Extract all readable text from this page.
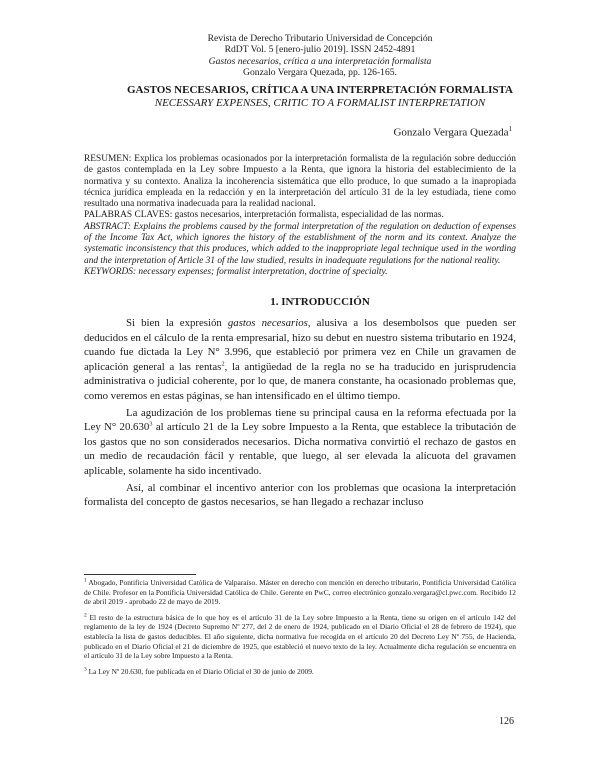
Revista de Derecho Tributario Universidad de Concepción
RdDT Vol. 5 [enero-julio 2019]. ISSN 2452-4891
Gastos necesarios, crítica a una interpretación formalista
Gonzalo Vergara Quezada, pp. 126-165.
GASTOS NECESARIOS, CRÍTICA A UNA INTERPRETACIÓN FORMALISTA
NECESSARY EXPENSES, CRITIC TO A FORMALIST INTERPRETATION
Gonzalo Vergara Quezada$^1$

RESUMEN: Explica los problemas ocasionados por la interpretación formalista de la regulación sobre deducción de gastos contemplada en la Ley sobre Impuesto a la Renta, que ignora la historia del establecimiento de la normativa y su contexto. Analiza la incoherencia sistemática que ello produce, lo que sumado a la inapropiada técnica jurídica empleada en la redacción y en la interpretación del artículo 31 de la ley estudiada, tiene como resultado una normativa inadecuada para la realidad nacional.

PALABRAS CLAVES: gastos necesarios, interpretación formalista, especialidad de las normas.

ABSTRACT: Explains the problems caused by the formal interpretation of the regulation on deduction of expenses of the Income Tax Act, which ignores the history of the establishment of the norm and its context. Analyze the systematic inconsistency that this produces, which added to the inappropriate legal technique used in the wording and the interpretation of Article 31 of the law studied, results in inadequate regulations for the national reality.

KEYWORDS: necessary expenses; formalist interpretation, doctrine of specialty.

1. INTRODUCCIÓN

Si bien la expresión gastos necesarios, alusiva a los desembolsos que pueden ser deducidos en el cálculo de la renta empresarial, hizo su debut en nuestro sistema tributario en 1924, cuando fue dictada la Ley N° 3.996, que estableció por primera vez en Chile un gravamen de aplicación general a las rentas$^2$, la antigüedad de la regla no se ha traducido en jurisprudencia administrativa o judicial coherente, por lo que, de manera constante, ha ocasionado problemas que, como veremos en estas páginas, se han intensificado en el último tiempo.

La agudización de los problemas tiene su principal causa en la reforma efectuada por la Ley N° 20.630$^3$ al artículo 21 de la Ley sobre Impuesto a la Renta, que establece la tributación de los gastos que no son considerados necesarios. Dicha normativa convirtió el rechazo de gastos en un medio de recaudación fácil y rentable, que luego, al ser elevada la alícuota del gravamen aplicable, solamente ha sido incentivado.

Así, al combinar el incentivo anterior con los problemas que ocasiona la interpretación formalista del concepto de gastos necesarios, se han llegado a rechazar incluso

$^1$ Abogado, Pontificia Universidad Católica de Valparaíso. Máster en derecho con mención en derecho tributario, Pontificia Universidad Católica de Chile. Profesor en la Pontificia Universidad Católica de Chile. Gerente en PwC, correo electrónico gonzalo.vergara@cl.pwc.com. Recibido 12 de abril 2019 - aprobado 22 de mayo de 2019.

$^2$ El resto de la estructura básica de lo que hoy es el artículo 31 de la Ley sobre Impuesto a la Renta, tiene su origen en el artículo 142 del reglamento de la ley de 1924 (Decreto Supremo Nº 277, del 2 de enero de 1924, publicado en el Diario Oficial el 28 de febrero de 1924), que establecía la lista de gastos deducibles. El año siguiente, dicha normativa fue recogida en el artículo 20 del Decreto Ley Nº 755, de Hacienda, publicado en el Diario Oficial el 21 de diciembre de 1925, que estableció el nuevo texto de la ley. Actualmente dicha regulación se encuentra en el artículo 31 de la Ley sobre Impuesto a la Renta.

$^3$ La Ley Nº 20.630, fue publicada en el Diario Oficial el 30 de junio de 2009.

126
